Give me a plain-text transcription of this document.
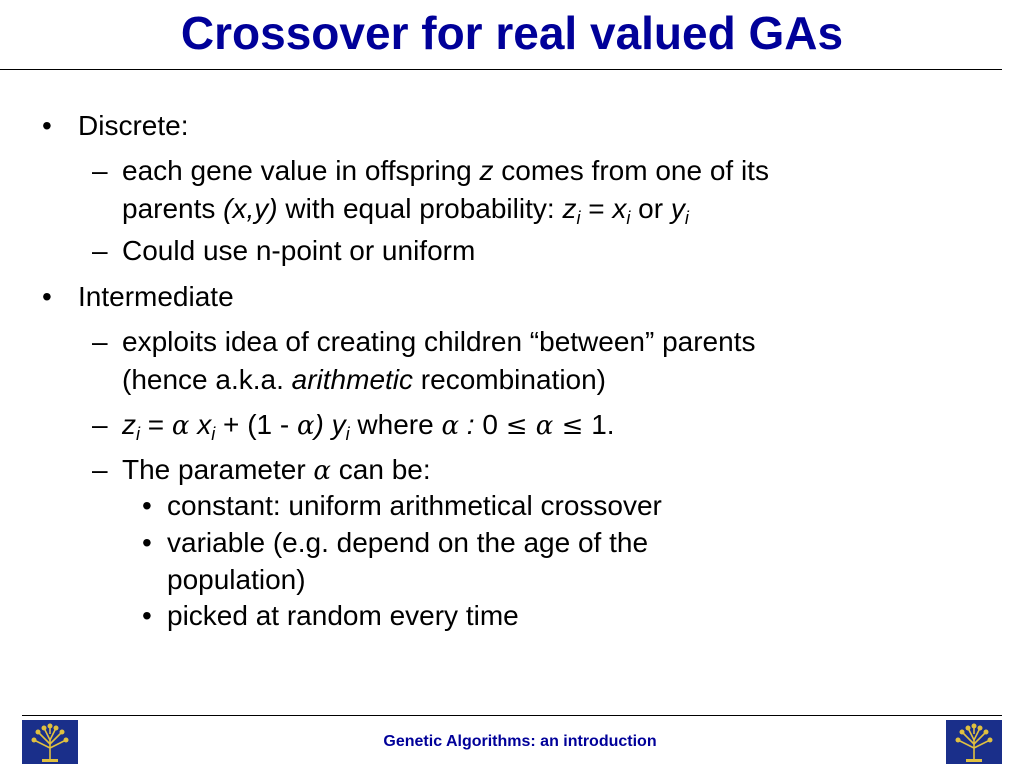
Crossover for real valued GAs
• Discrete:
– each gene value in offspring z comes from one of its
parents (x,y) with equal probability: $z_i = x_i$ or $y_i$
– Could use n-point or uniform
• Intermediate
– exploits idea of creating children “between” parents
(hence a.k.a. arithmetic recombination)
– $z_i = \alpha$ $x_i + (1 - \alpha)$ $y_i$ where α : 0 ≤ α ≤ 1.
– The parameter α can be:
• constant: uniform arithmetical crossover
• variable (e.g. depend on the age of the
population)
• picked at random every time
Genetic Algorithms: an introduction
